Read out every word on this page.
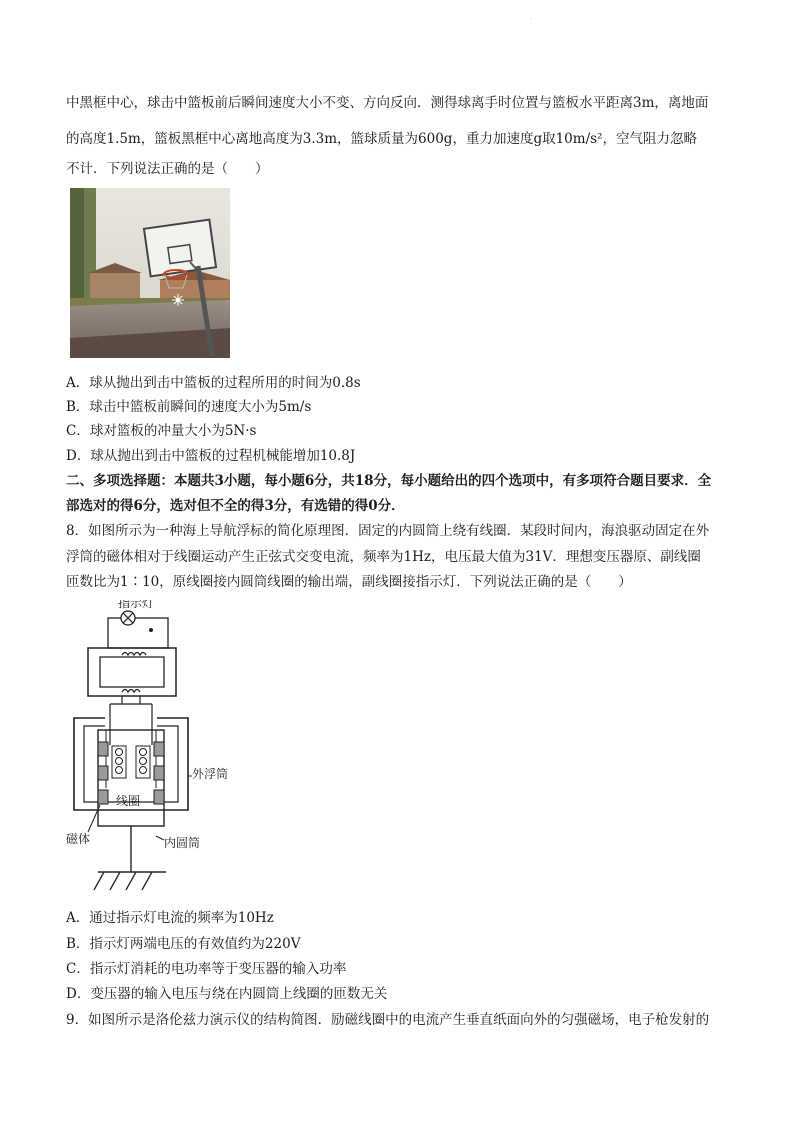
·
中黑框中心，球击中篮板前后瞬间速度大小不变、方向反向．测得球离手时位置与篮板水平距离3m，离地面
的高度1.5m，篮板黑框中心离地高度为3.3m，篮球质量为600g，重力加速度g取10m/s²，空气阻力忽略
不计．下列说法正确的是（　　）
A．球从抛出到击中篮板的过程所用的时间为0.8s
B．球击中篮板前瞬间的速度大小为5m/s
C．球对篮板的冲量大小为5N·s
D．球从抛出到击中篮板的过程机械能增加10.8J
二、多项选择题：本题共3小题，每小题6分，共18分，每小题给出的四个选项中，有多项符合题目要求．全
部选对的得6分，选对但不全的得3分，有选错的得0分．
8．如图所示为一种海上导航浮标的简化原理图．固定的内圆筒上绕有线圈．某段时间内，海浪驱动固定在外
浮筒的磁体相对于线圈运动产生正弦式交变电流，频率为1Hz，电压最大值为31V．理想变压器原、副线圈
匝数比为1∶10，原线圈接内圆筒线圈的输出端，副线圈接指示灯．下列说法正确的是（　　）
指示灯
线圈
外浮筒
磁体	内圆筒
A．通过指示灯电流的频率为10Hz
B．指示灯两端电压的有效值约为220V
C．指示灯消耗的电功率等于变压器的输入功率
D．变压器的输入电压与绕在内圆筒上线圈的匝数无关
9．如图所示是洛伦兹力演示仪的结构简图．励磁线圈中的电流产生垂直纸面向外的匀强磁场，电子枪发射的
